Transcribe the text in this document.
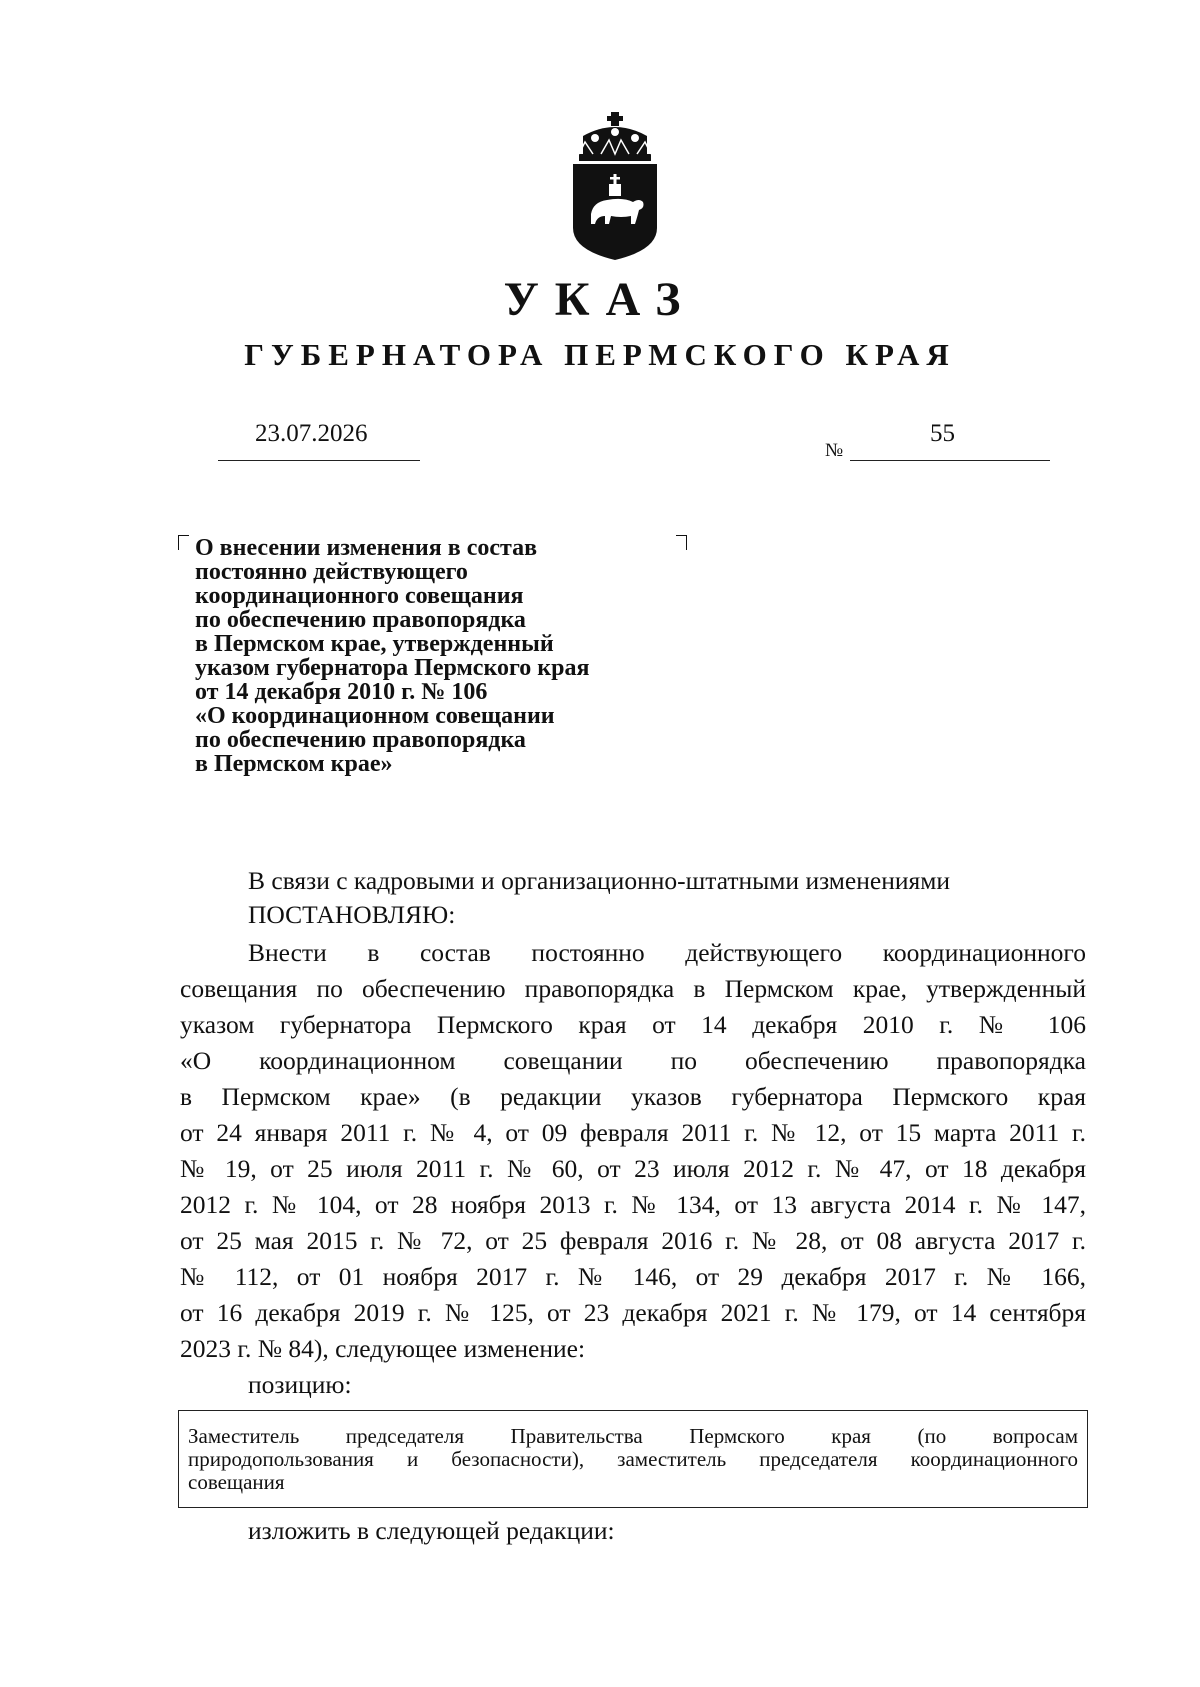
УКАЗ
ГУБЕРНАТОРА ПЕРМСКОГО КРАЯ
23.07.2026
№
55
О внесении изменения в состав
постоянно действующего
координационного совещания
по обеспечению правопорядка
в Пермском крае, утвержденный
указом губернатора Пермского края
от 14 декабря 2010 г. № 106
«О координационном совещании
по обеспечению правопорядка
в Пермском крае»
В связи с кадровыми и организационно-штатными изменениями
ПОСТАНОВЛЯЮ:
Внести в состав постоянно действующего координационного
совещания по обеспечению правопорядка в Пермском крае, утвержденный
указом губернатора Пермского края от 14 декабря 2010 г. № 106
«О координационном совещании по обеспечению правопорядка
в Пермском крае» (в редакции указов губернатора Пермского края
от 24 января 2011 г. № 4, от 09 февраля 2011 г. № 12, от 15 марта 2011 г.
№ 19, от 25 июля 2011 г. № 60, от 23 июля 2012 г. № 47, от 18 декабря
2012 г. № 104, от 28 ноября 2013 г. № 134, от 13 августа 2014 г. № 147,
от 25 мая 2015 г. № 72, от 25 февраля 2016 г. № 28, от 08 августа 2017 г.
№ 112, от 01 ноября 2017 г. № 146, от 29 декабря 2017 г. № 166,
от 16 декабря 2019 г. № 125, от 23 декабря 2021 г. № 179, от 14 сентября
2023 г. № 84), следующее изменение:
позицию:
Заместитель председателя Правительства Пермского края (по вопросам
природопользования и безопасности), заместитель председателя координационного
совещания
изложить в следующей редакции:
